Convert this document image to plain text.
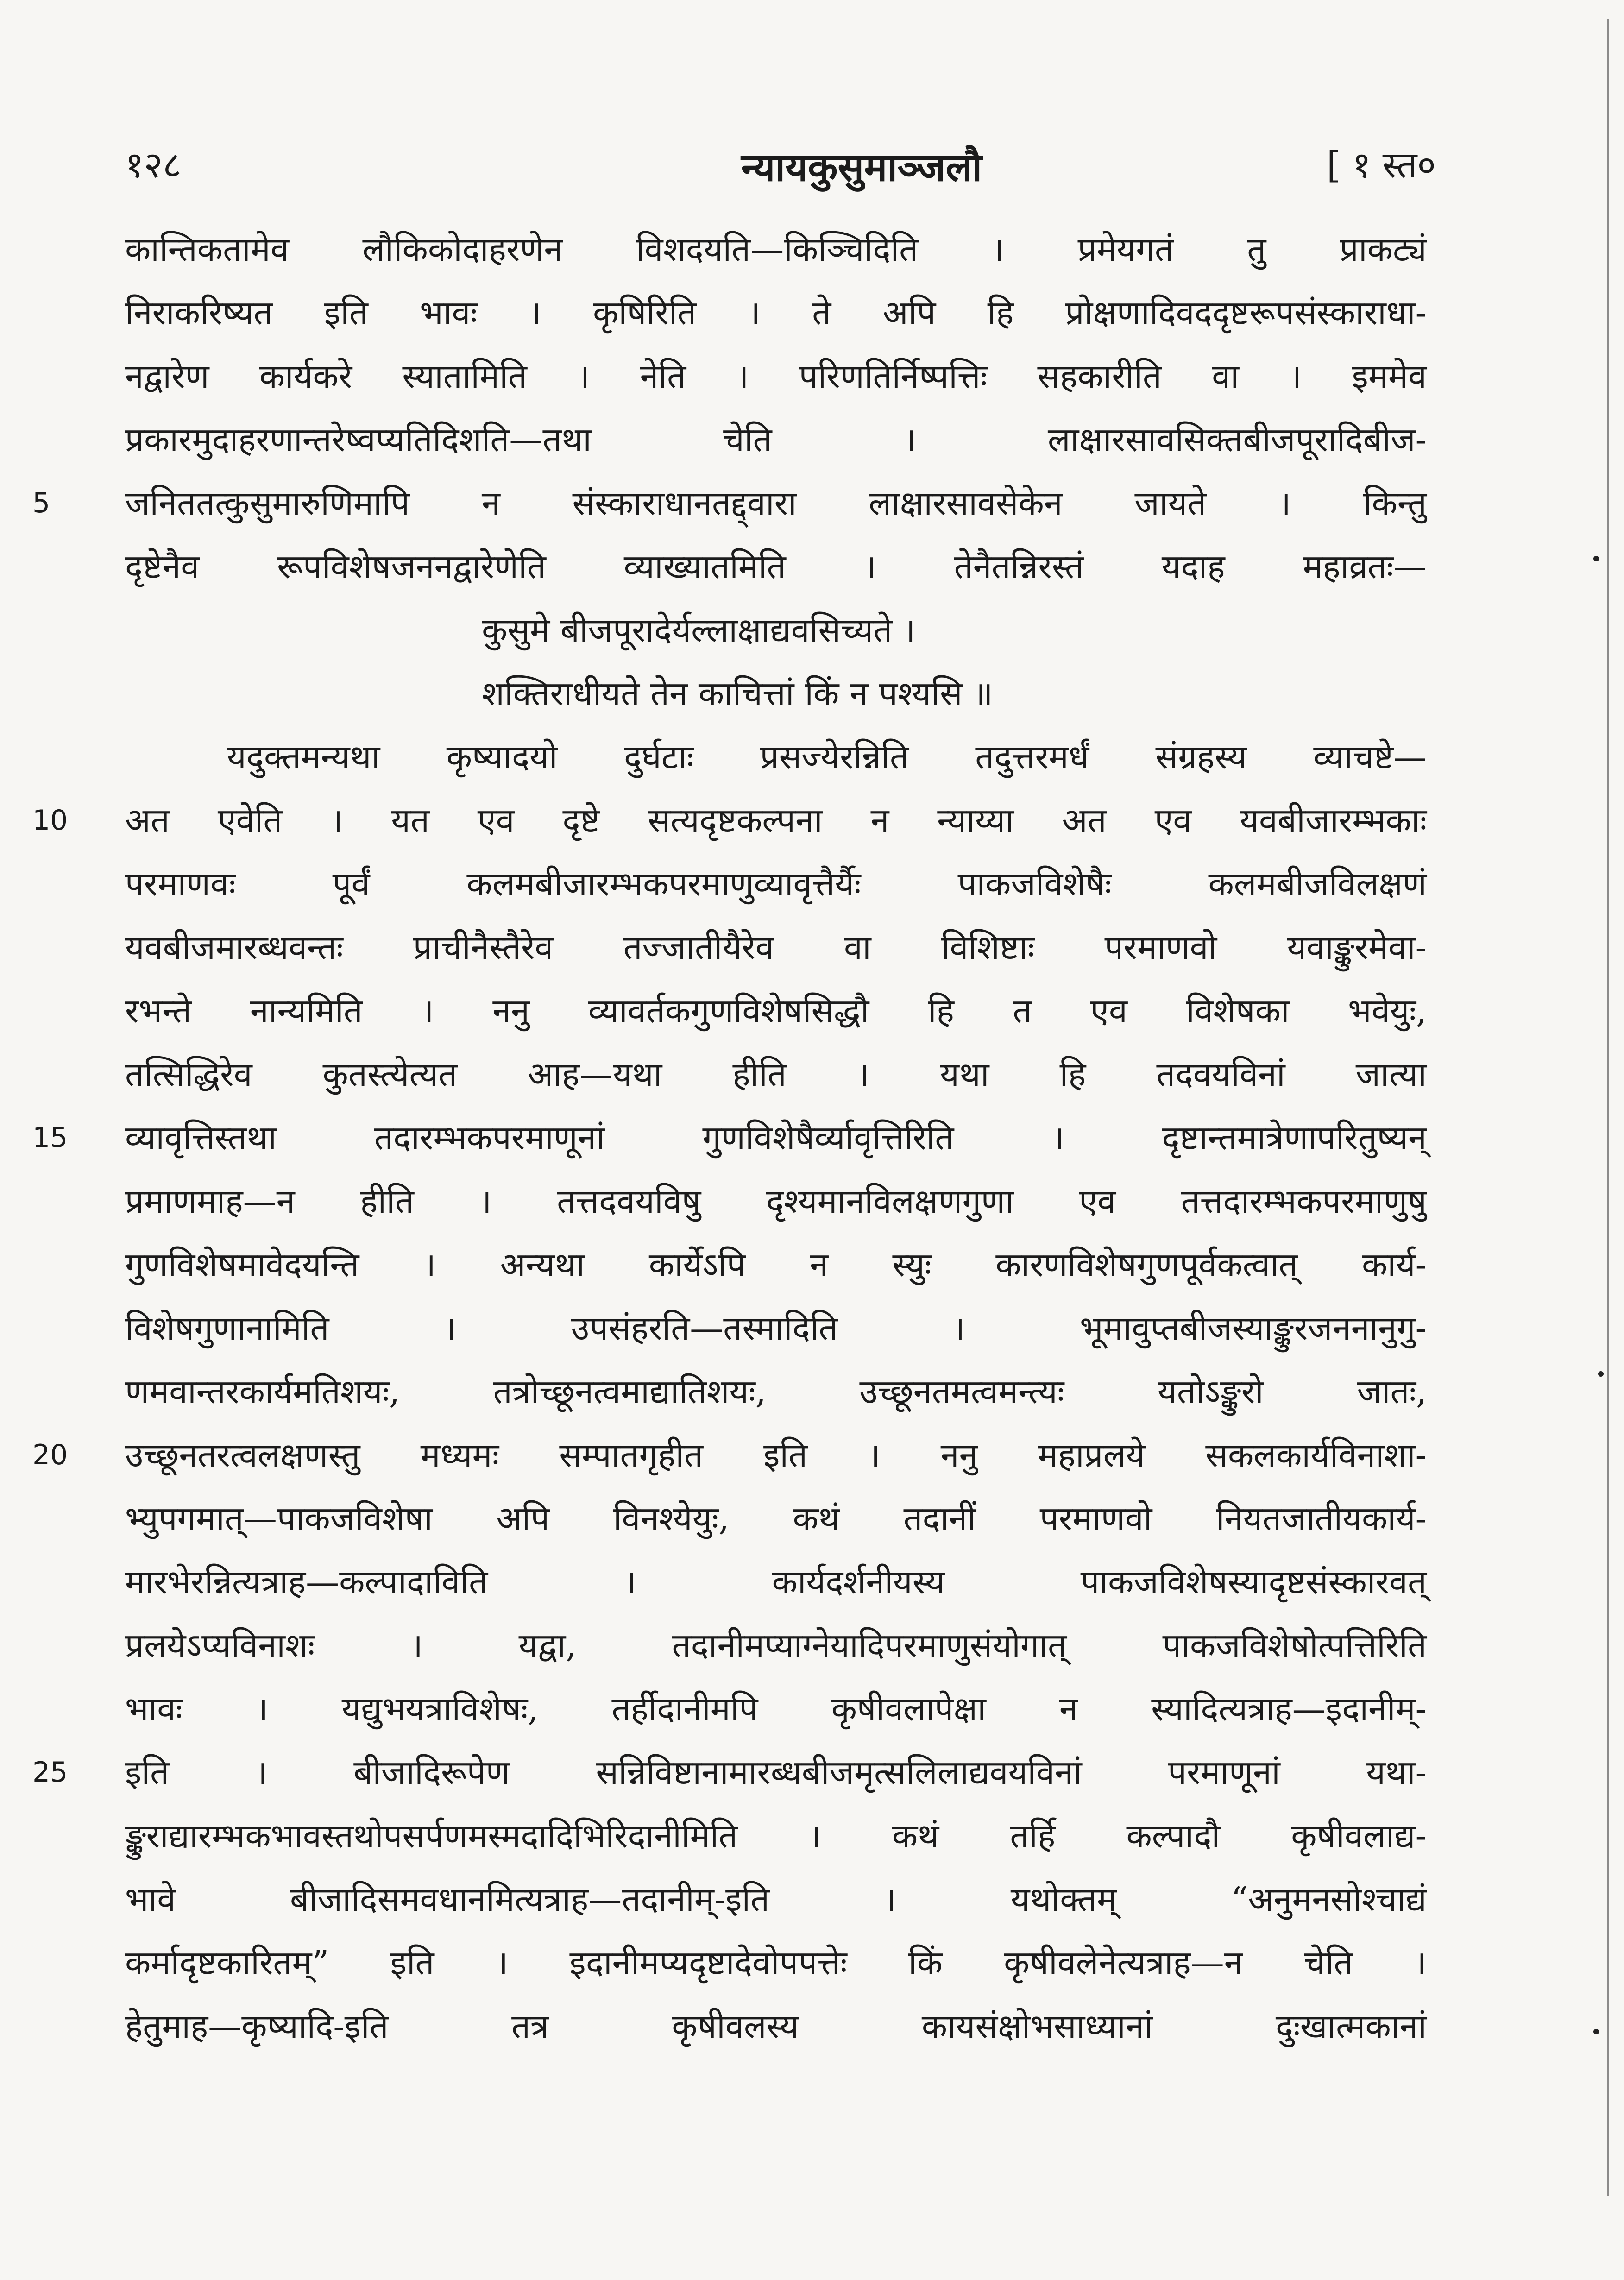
१२८	न्यायकुसुमाञ्जलौ	[ १ स्त०
कान्तिकतामेव लौकिकोदाहरणेन विशदयति—किञ्चिदिति । प्रमेयगतं तु प्राकट्यं
निराकरिष्यत इति भावः । कृषिरिति । ते अपि हि प्रोक्षणादिवददृष्टरूपसंस्काराधा-
नद्वारेण कार्यकरे स्यातामिति । नेति । परिणतिर्निष्पत्तिः सहकारीति वा । इममेव
प्रकारमुदाहरणान्तरेष्वप्यतिदिशति—तथा चेति । लाक्षारसावसिक्तबीजपूरादिबीज-
5	जनिततत्कुसुमारुणिमापि न संस्काराधानतद्द्वारा लाक्षारसावसेकेन जायते । किन्तु
दृष्टेनैव रूपविशेषजननद्वारेणेति व्याख्यातमिति । तेनैतन्निरस्तं यदाह महाव्रतः—
कुसुमे बीजपूरादेर्यल्लाक्षाद्यवसिच्यते ।
शक्तिराधीयते तेन काचित्तां किं न पश्यसि ॥
यदुक्तमन्यथा कृष्यादयो दुर्घटाः प्रसज्येरन्निति तदुत्तरमर्धं संग्रहस्य व्याचष्टे—
10	अत एवेति । यत एव दृष्टे सत्यदृष्टकल्पना न न्याय्या अत एव यवबीजारम्भकाः
परमाणवः पूर्वं कलमबीजारम्भकपरमाणुव्यावृत्तैर्यैः पाकजविशेषैः कलमबीजविलक्षणं
यवबीजमारब्धवन्तः प्राचीनैस्तैरेव तज्जातीयैरेव वा विशिष्टाः परमाणवो यवाङ्कुरमेवा-
रभन्ते नान्यमिति । ननु व्यावर्तकगुणविशेषसिद्धौ हि त एव विशेषका भवेयुः,
तत्सिद्धिरेव कुतस्त्येत्यत आह—यथा हीति । यथा हि तदवयविनां जात्या
15	व्यावृत्तिस्तथा तदारम्भकपरमाणूनां गुणविशेषैर्व्यावृत्तिरिति । दृष्टान्तमात्रेणापरितुष्यन्
प्रमाणमाह—न हीति । तत्तदवयविषु दृश्यमानविलक्षणगुणा एव तत्तदारम्भकपरमाणुषु
गुणविशेषमावेदयन्ति । अन्यथा कार्येऽपि न स्युः कारणविशेषगुणपूर्वकत्वात् कार्य-
विशेषगुणानामिति । उपसंहरति—तस्मादिति । भूमावुप्तबीजस्याङ्कुरजननानुगु-
णमवान्तरकार्यमतिशयः, तत्रोच्छूनत्वमाद्यातिशयः, उच्छूनतमत्वमन्त्यः यतोऽङ्कुरो जातः,
20	उच्छूनतरत्वलक्षणस्तु मध्यमः सम्पातगृहीत इति । ननु महाप्रलये सकलकार्यविनाशा-
भ्युपगमात्—पाकजविशेषा अपि विनश्येयुः, कथं तदानीं परमाणवो नियतजातीयकार्य-
मारभेरन्नित्यत्राह—कल्पादाविति । कार्यदर्शनीयस्य पाकजविशेषस्यादृष्टसंस्कारवत्
प्रलयेऽप्यविनाशः । यद्वा, तदानीमप्याग्नेयादिपरमाणुसंयोगात् पाकजविशेषोत्पत्तिरिति
भावः । यद्युभयत्राविशेषः, तर्हीदानीमपि कृषीवलापेक्षा न स्यादित्यत्राह—इदानीम्-
25	इति । बीजादिरूपेण सन्निविष्टानामारब्धबीजमृत्सलिलाद्यवयविनां परमाणूनां यथा-
ङ्कुराद्यारम्भकभावस्तथोपसर्पणमस्मदादिभिरिदानीमिति । कथं तर्हि कल्पादौ कृषीवलाद्य-
भावे बीजादिसमवधानमित्यत्राह—तदानीम्-इति । यथोक्तम् “अनुमनसोश्चाद्यं
कर्मादृष्टकारितम्” इति । इदानीमप्यदृष्टादेवोपपत्तेः किं कृषीवलेनेत्यत्राह—न चेति ।
हेतुमाह—कृष्यादि-इति तत्र कृषीवलस्य कायसंक्षोभसाध्यानां दुःखात्मकानां
